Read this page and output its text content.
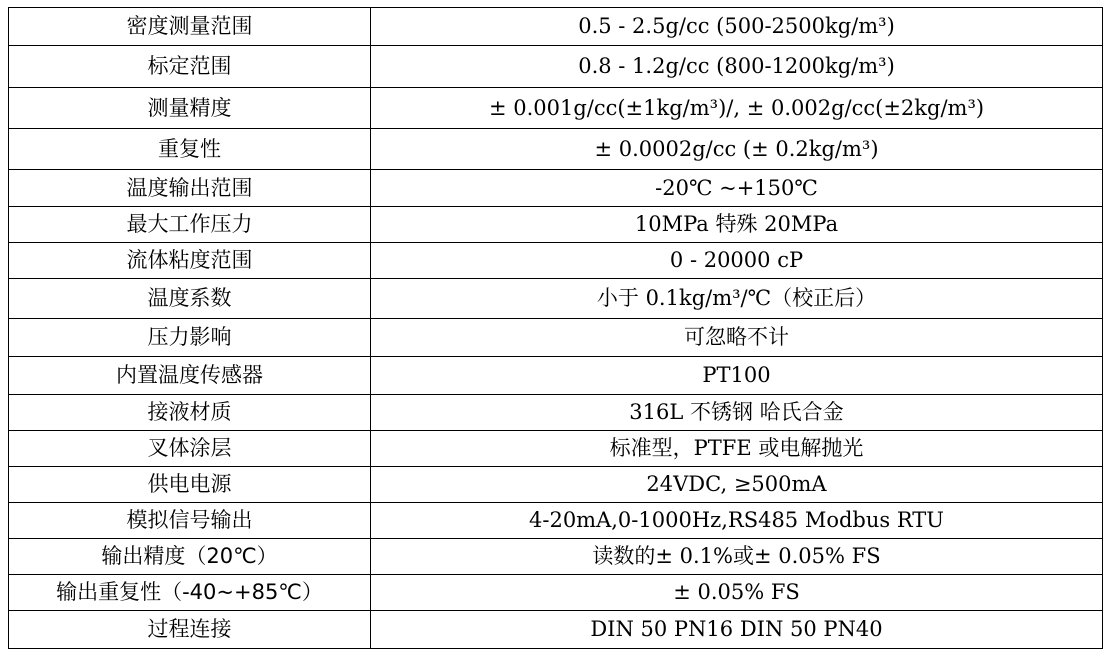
密度测量范围	0.5 - 2.5g/cc (500-2500kg/m³)
标定范围	0.8 - 1.2g/cc (800-1200kg/m³)
测量精度	± 0.001g/cc(±1kg/m³)/, ± 0.002g/cc(±2kg/m³)
重复性	± 0.0002g/cc (± 0.2kg/m³)
温度输出范围	-20℃ ~+150℃
最大工作压力	10MPa 特殊 20MPa
流体粘度范围	0 - 20000 cP
温度系数	小于 0.1kg/m³/℃（校正后）
压力影响	可忽略不计
内置温度传感器	PT100
接液材质	316L 不锈钢 哈氏合金
叉体涂层	标准型，PTFE 或电解抛光
供电电源	24VDC, ≥500mA
模拟信号输出	4-20mA,0-1000Hz,RS485 Modbus RTU
输出精度（20℃）	读数的± 0.1%或± 0.05% FS
输出重复性（-40~+85℃）	± 0.05% FS
过程连接	DIN 50 PN16 DIN 50 PN40
